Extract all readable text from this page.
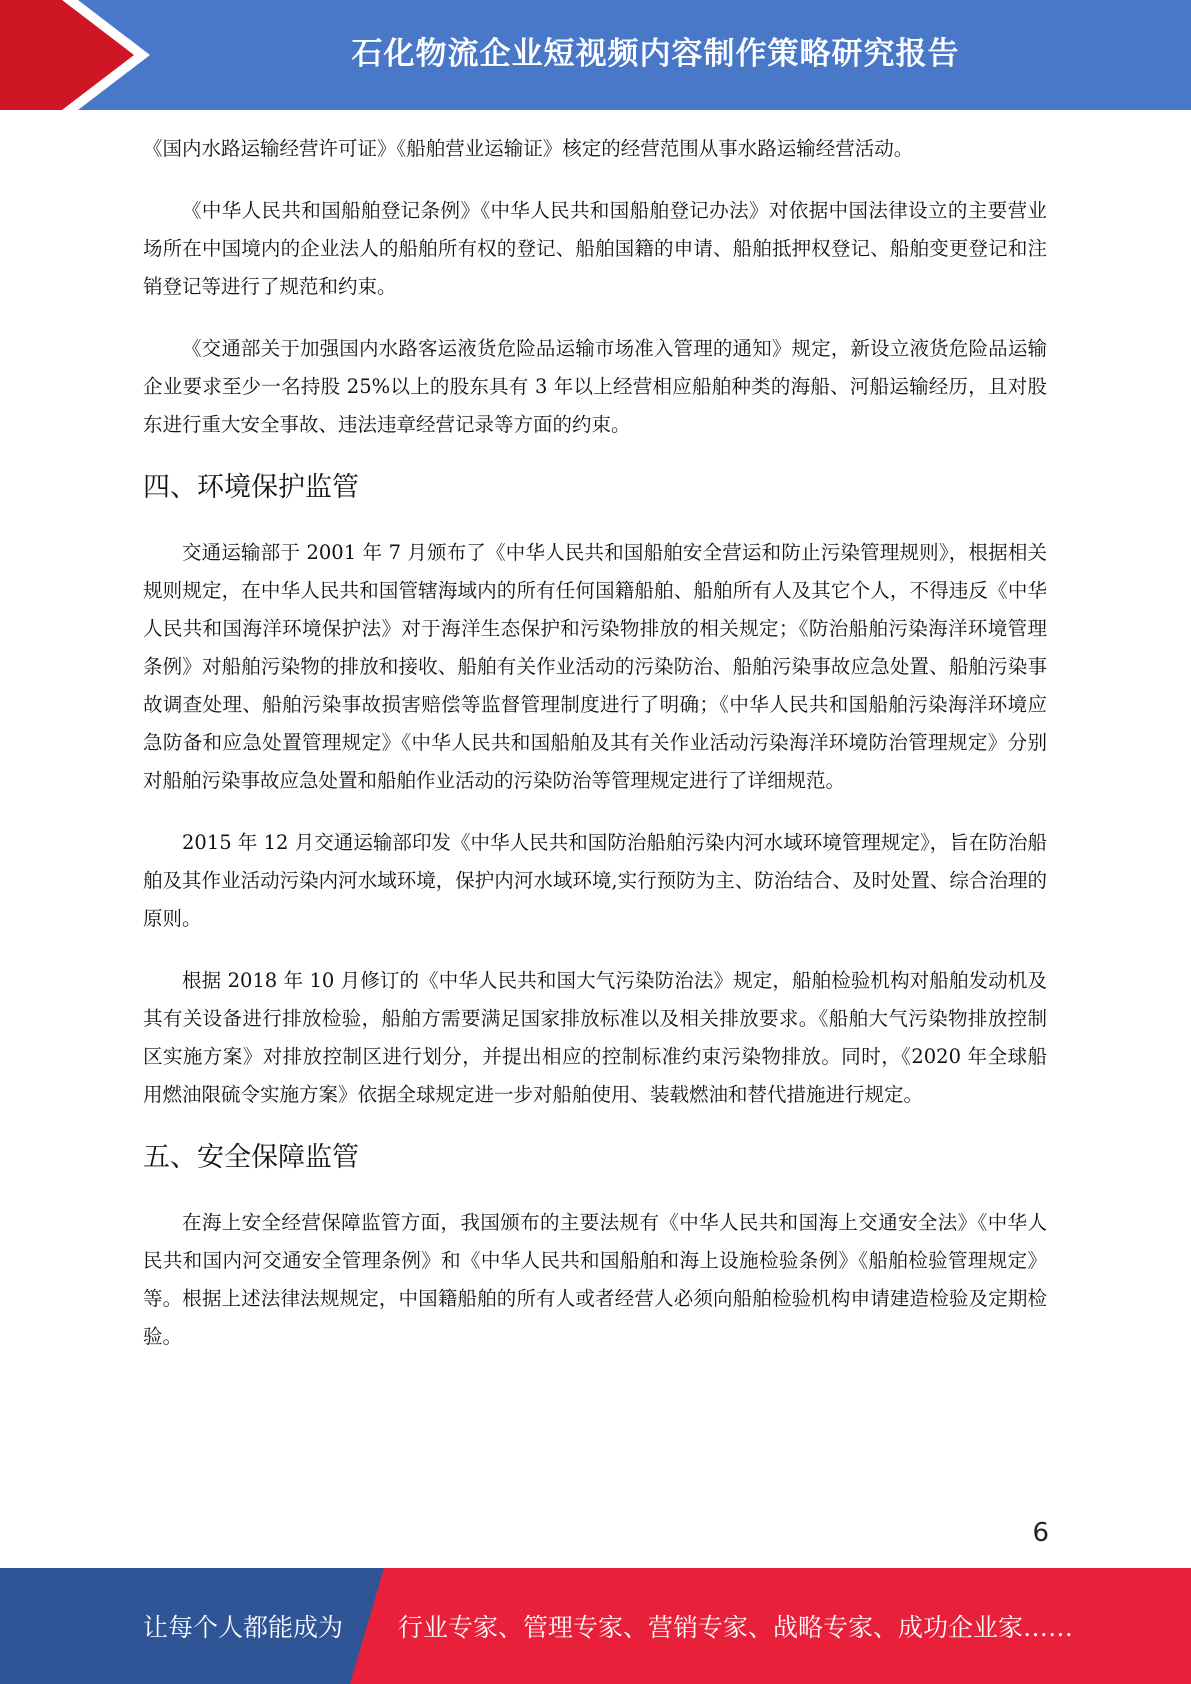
石化物流企业短视频内容制作策略研究报告

《国内水路运输经营许可证》《船舶营业运输证》核定的经营范围从事水路运输经营活动。

《中华人民共和国船舶登记条例》《中华人民共和国船舶登记办法》对依据中国法律设立的主要营业场所在中国境内的企业法人的船舶所有权的登记、船舶国籍的申请、船舶抵押权登记、船舶变更登记和注销登记等进行了规范和约束。

《交通部关于加强国内水路客运液货危险品运输市场准入管理的通知》规定，新设立液货危险品运输企业要求至少一名持股 25%以上的股东具有 3 年以上经营相应船舶种类的海船、河船运输经历，且对股东进行重大安全事故、违法违章经营记录等方面的约束。

四、环境保护监管

交通运输部于 2001 年 7 月颁布了《中华人民共和国船舶安全营运和防止污染管理规则》，根据相关规则规定，在中华人民共和国管辖海域内的所有任何国籍船舶、船舶所有人及其它个人，不得违反《中华人民共和国海洋环境保护法》对于海洋生态保护和污染物排放的相关规定；《防治船舶污染海洋环境管理条例》对船舶污染物的排放和接收、船舶有关作业活动的污染防治、船舶污染事故应急处置、船舶污染事故调查处理、船舶污染事故损害赔偿等监督管理制度进行了明确；《中华人民共和国船舶污染海洋环境应急防备和应急处置管理规定》《中华人民共和国船舶及其有关作业活动污染海洋环境防治管理规定》分别对船舶污染事故应急处置和船舶作业活动的污染防治等管理规定进行了详细规范。

2015 年 12 月交通运输部印发《中华人民共和国防治船舶污染内河水域环境管理规定》，旨在防治船舶及其作业活动污染内河水域环境，保护内河水域环境,实行预防为主、防治结合、及时处置、综合治理的原则。

根据 2018 年 10 月修订的《中华人民共和国大气污染防治法》规定，船舶检验机构对船舶发动机及其有关设备进行排放检验，船舶方需要满足国家排放标准以及相关排放要求。《船舶大气污染物排放控制区实施方案》对排放控制区进行划分，并提出相应的控制标准约束污染物排放。同时，《2020 年全球船用燃油限硫令实施方案》依据全球规定进一步对船舶使用、装载燃油和替代措施进行规定。

五、安全保障监管

在海上安全经营保障监管方面，我国颁布的主要法规有《中华人民共和国海上交通安全法》《中华人民共和国内河交通安全管理条例》和《中华人民共和国船舶和海上设施检验条例》《船舶检验管理规定》等。根据上述法律法规规定，中国籍船舶的所有人或者经营人必须向船舶检验机构申请建造检验及定期检验。

6
让每个人都能成为 行业专家、管理专家、营销专家、战略专家、成功企业家……
